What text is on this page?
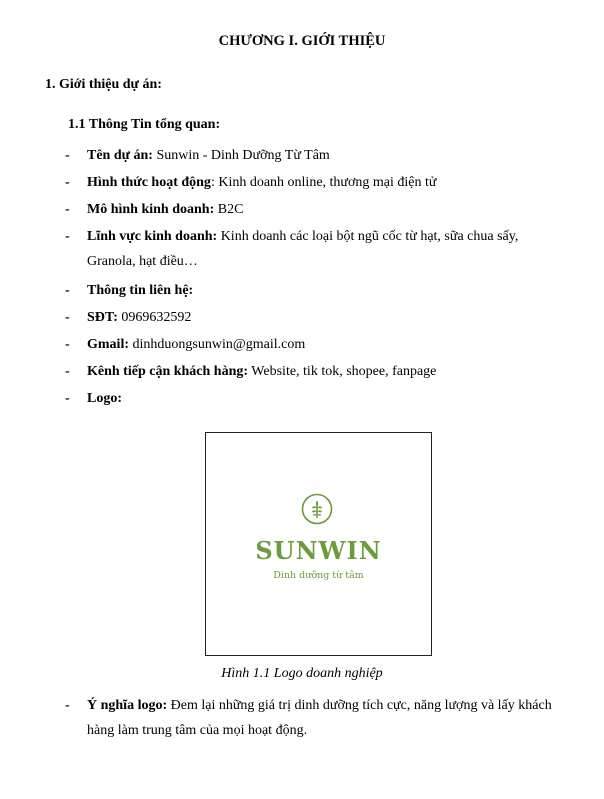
CHƯƠNG I. GIỚI THIỆU
1. Giới thiệu dự án:
1.1 Thông Tin tổng quan:
- Tên dự án: Sunwin - Dinh Dưỡng Từ Tâm
- Hình thức hoạt động: Kinh doanh online, thương mại điện tử
- Mô hình kinh doanh: B2C
- Lĩnh vực kinh doanh: Kinh doanh các loại bột ngũ cốc từ hạt, sữa chua sấy, Granola, hạt điều…
- Thông tin liên hệ:
- SĐT: 0969632592
- Gmail: dinhduongsunwin@gmail.com
- Kênh tiếp cận khách hàng: Website, tik tok, shopee, fanpage
- Logo:
SUNWIN
Dinh dưỡng từ tâm
Hình 1.1 Logo doanh nghiệp
- Ý nghĩa logo: Đem lại những giá trị dinh dưỡng tích cực, năng lượng và lấy khách hàng làm trung tâm của mọi hoạt động.
